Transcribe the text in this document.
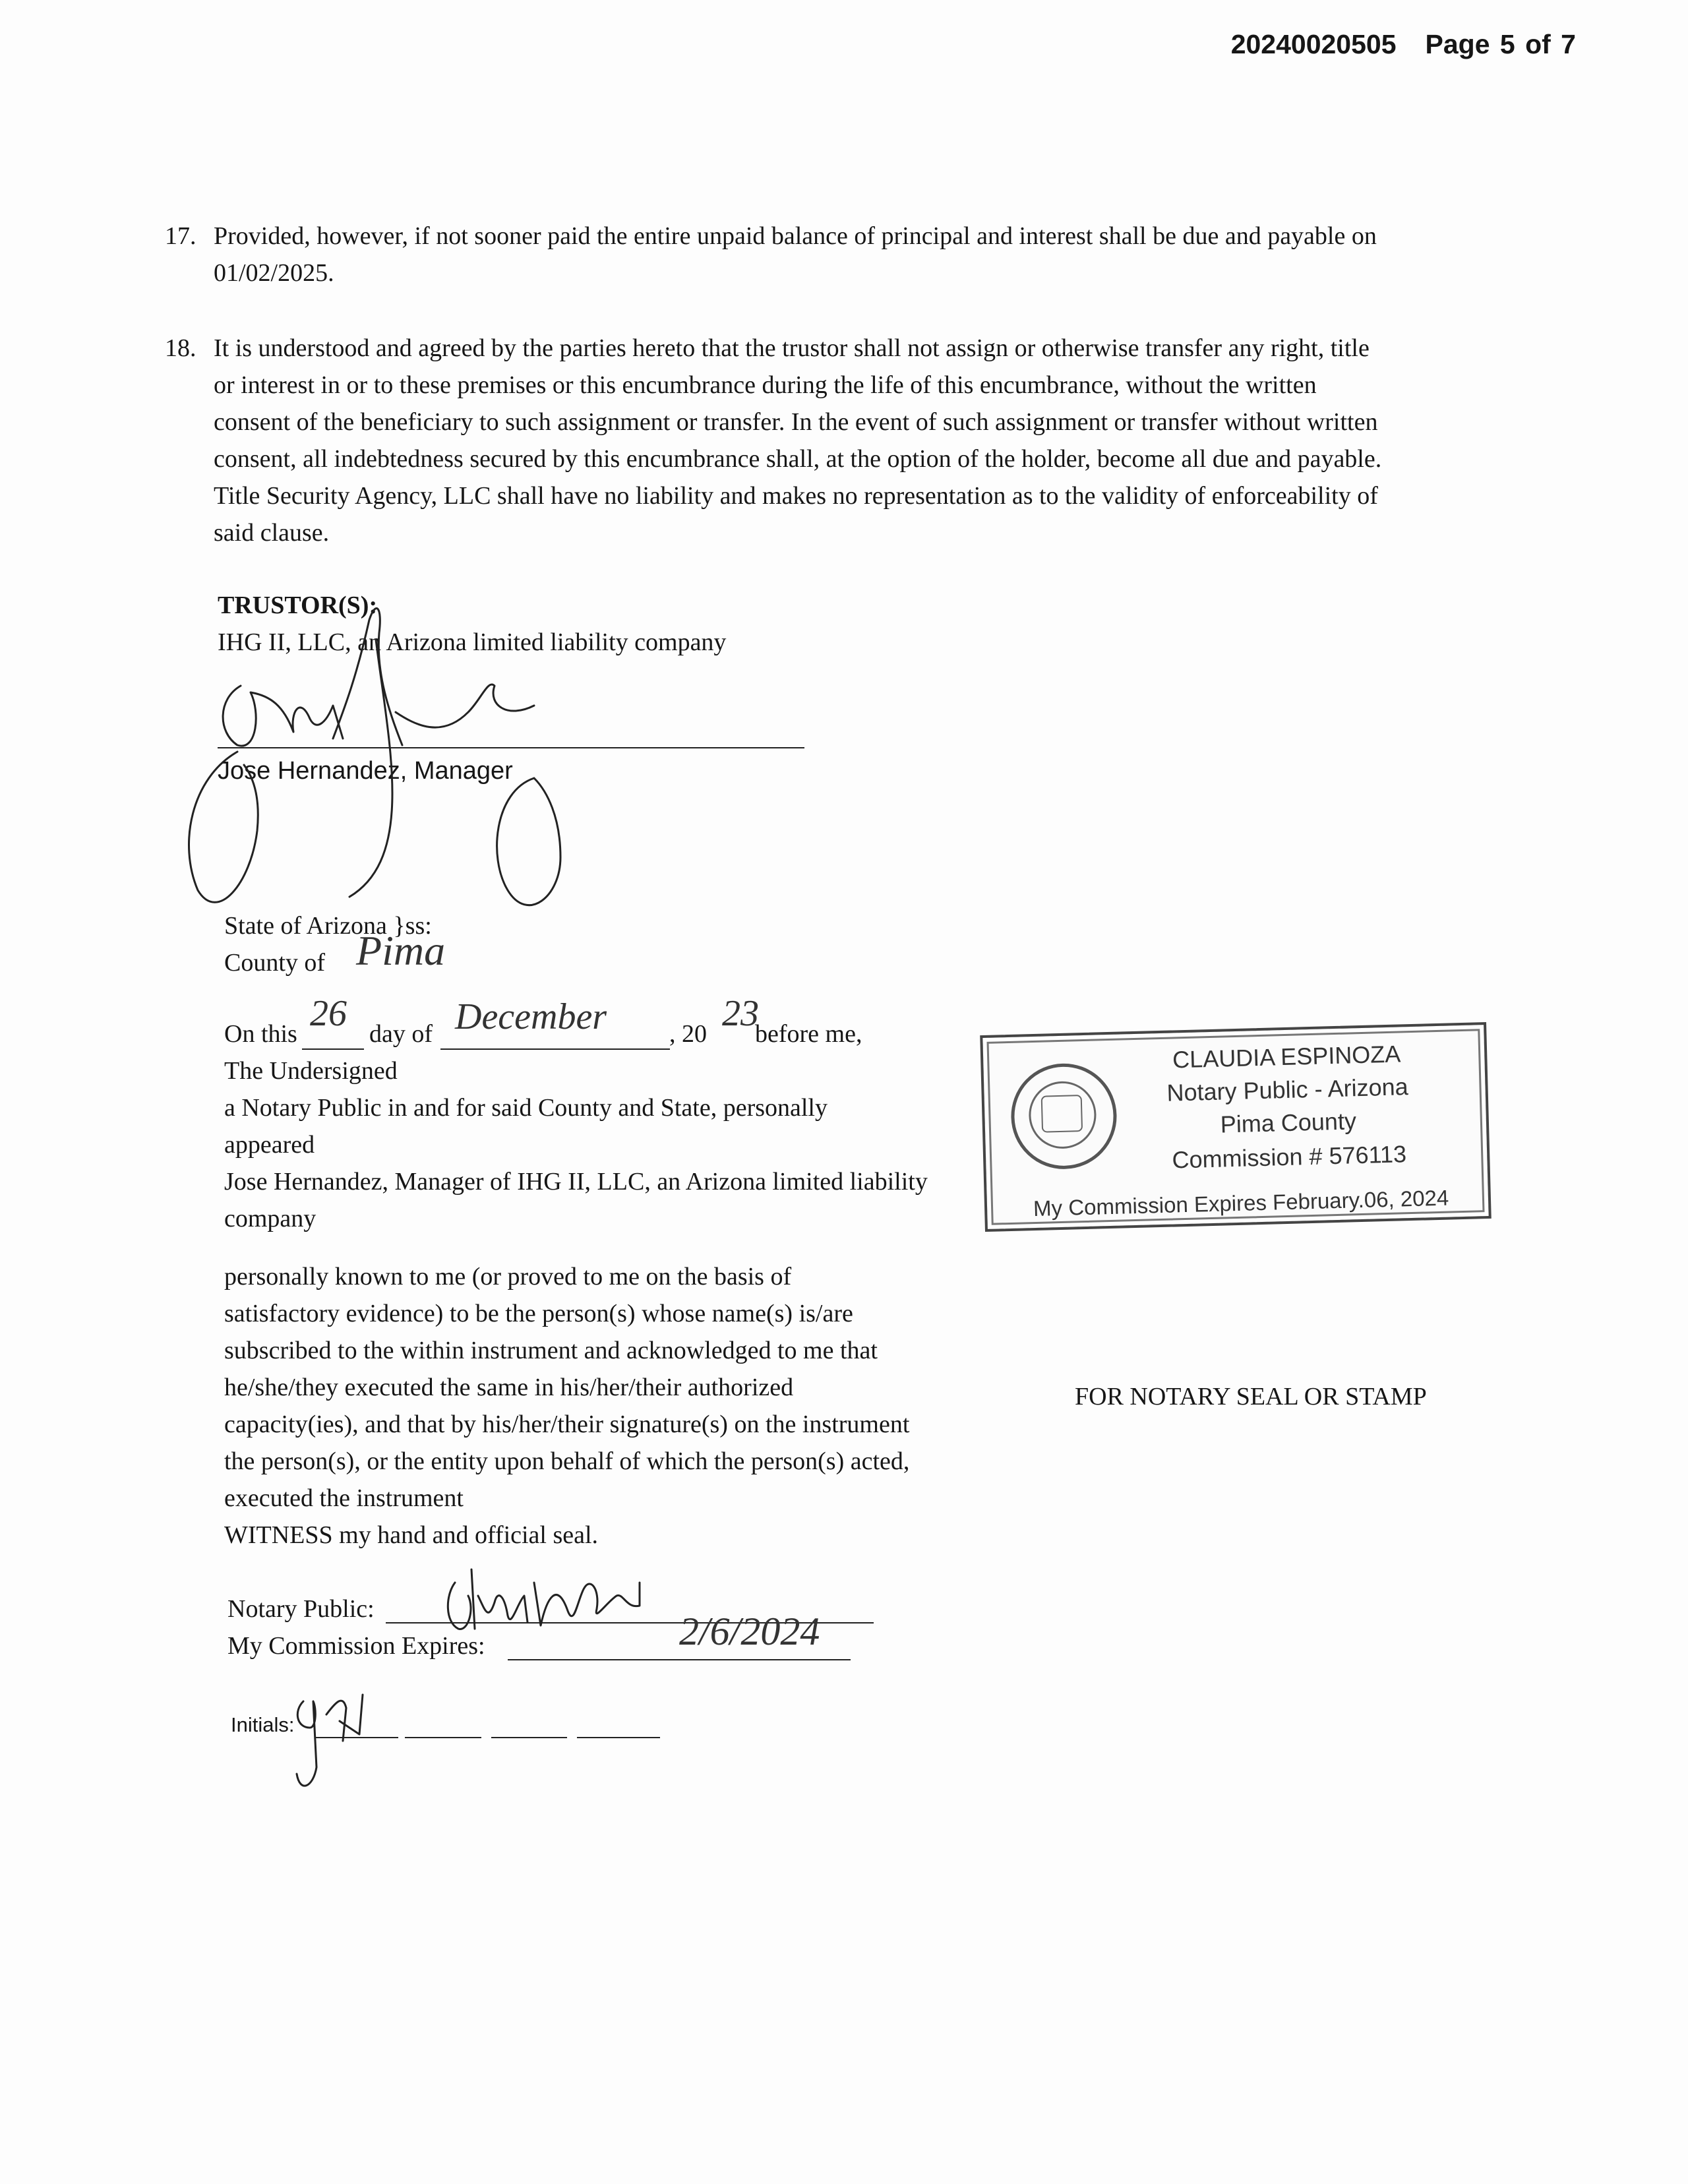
20240020505 Page 5 of 7
17. Provided, however, if not sooner paid the entire unpaid balance of principal and interest shall be due and payable on
01/02/2025.
18. It is understood and agreed by the parties hereto that the trustor shall not assign or otherwise transfer any right, title
or interest in or to these premises or this encumbrance during the life of this encumbrance, without the written
consent of the beneficiary to such assignment or transfer. In the event of such assignment or transfer without written
consent, all indebtedness secured by this encumbrance shall, at the option of the holder, become all due and payable.
Title Security Agency, LLC shall have no liability and makes no representation as to the validity of enforceability of
said clause.
TRUSTOR(S):
IHG II, LLC, an Arizona limited liability company
Jose Hernandez, Manager
State of Arizona }ss:
County of Pima
On this 26 day of December , 20 23
before me,
The Undersigned
a Notary Public in and for said County and State, personally
appeared
Jose Hernandez, Manager of IHG II, LLC, an Arizona limited liability
company
personally known to me (or proved to me on the basis of
satisfactory evidence) to be the person(s) whose name(s) is/are
subscribed to the within instrument and acknowledged to me that
he/she/they executed the same in his/her/their authorized
capacity(ies), and that by his/her/their signature(s) on the instrument
the person(s), or the entity upon behalf of which the person(s) acted,
executed the instrument
WITNESS my hand and official seal.
Notary Public:
My Commission Expires:	2/6/2024
Initials:
CLAUDIA ESPINOZA
Notary Public - Arizona
Pima County
Commission # 576113
My Commission Expires February.06, 2024
FOR NOTARY SEAL OR STAMP
